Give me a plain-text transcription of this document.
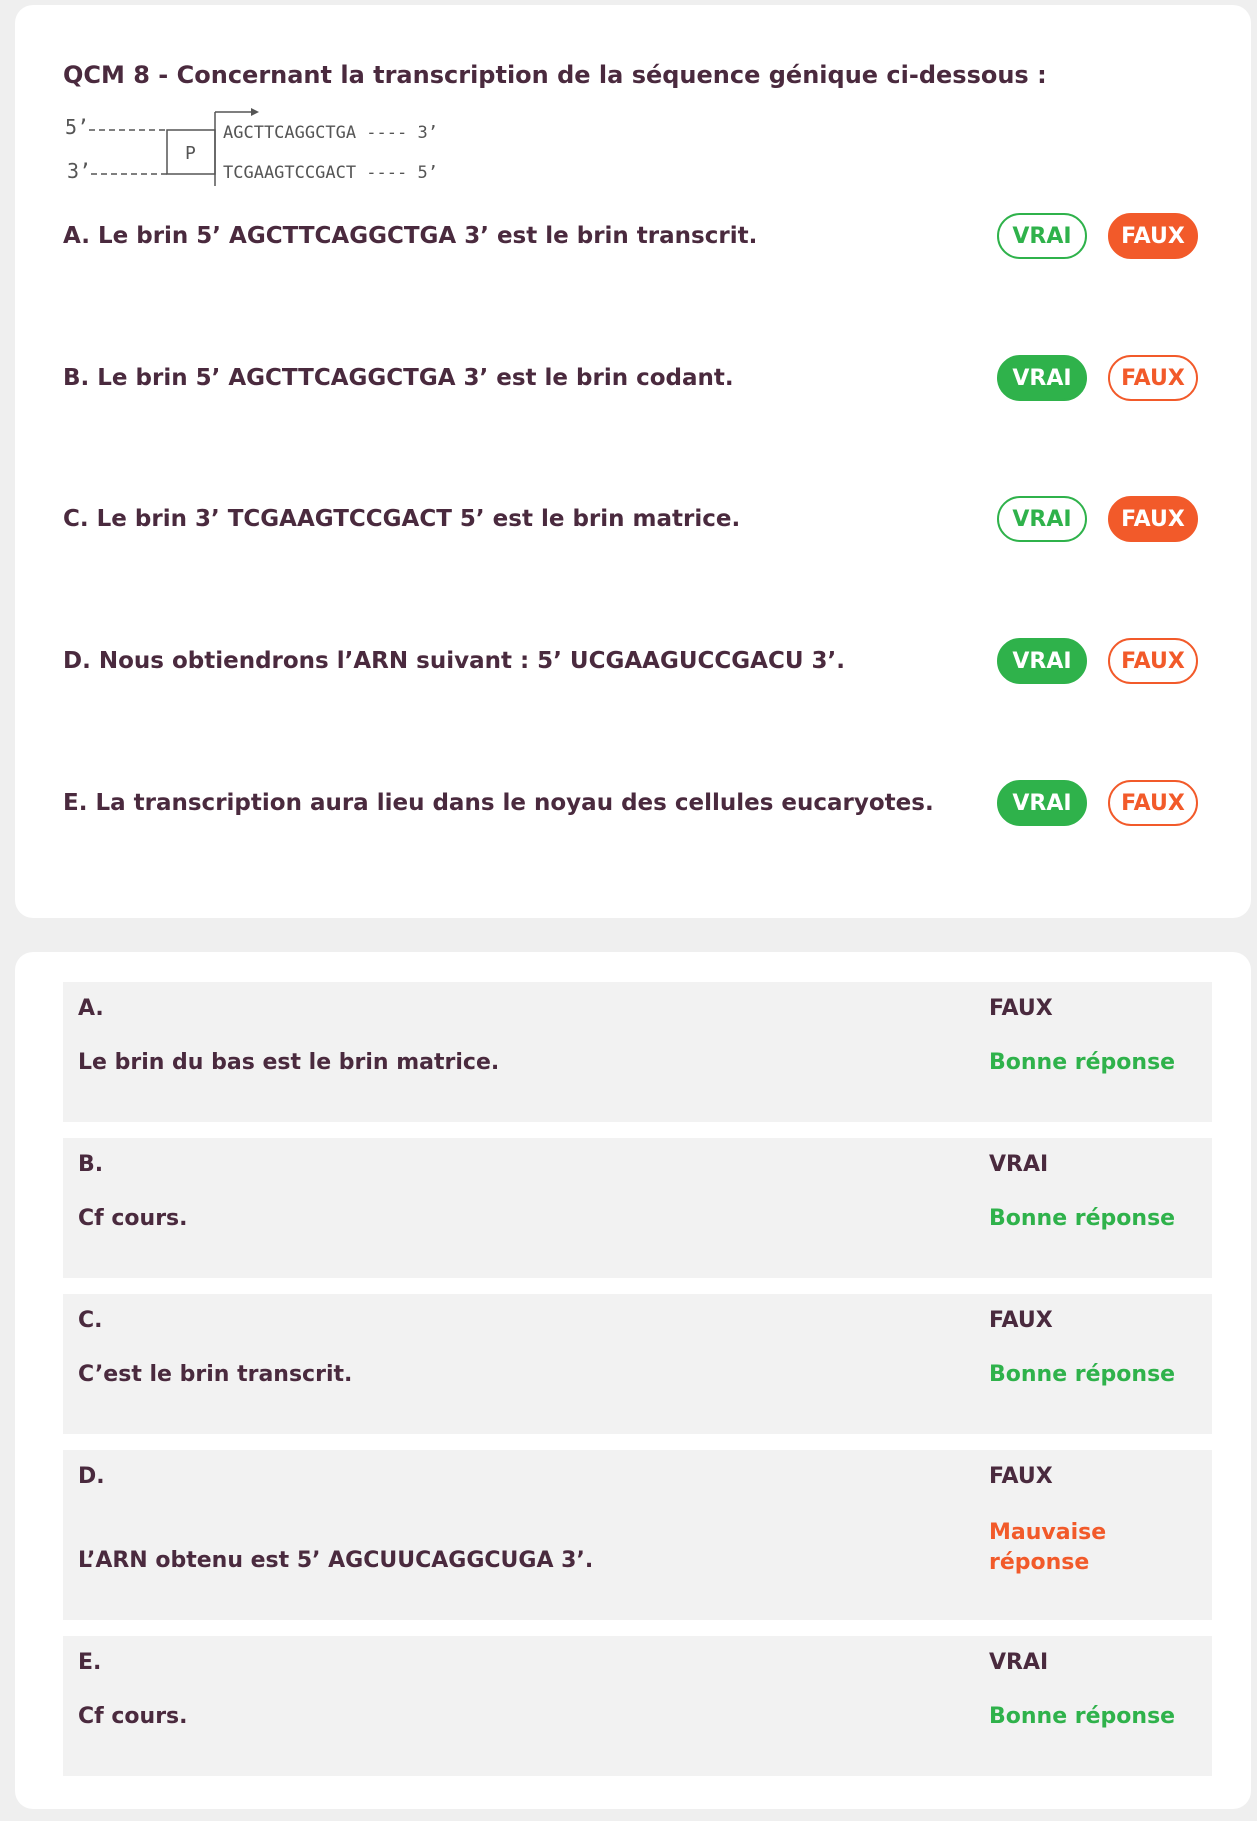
QCM 8 - Concernant la transcription de la séquence génique ci-dessous :
5’
3’
P
AGCTTCAGGCTGA ---- 3’
TCGAAGTCCGACT ---- 5’
A. Le brin 5’ AGCTTCAGGCTGA 3’ est le brin transcrit.	VRAI	FAUX
B. Le brin 5’ AGCTTCAGGCTGA 3’ est le brin codant.	VRAI	FAUX
C. Le brin 3’ TCGAAGTCCGACT 5’ est le brin matrice.	VRAI	FAUX
D. Nous obtiendrons l’ARN suivant : 5’ UCGAAGUCCGACU 3’.	VRAI	FAUX
E. La transcription aura lieu dans le noyau des cellules eucaryotes.	VRAI	FAUX
A.
Le brin du bas est le brin matrice.
FAUX
Bonne réponse
B.
Cf cours.
VRAI
Bonne réponse
C.
C’est le brin transcrit.
FAUX
Bonne réponse
D.
L’ARN obtenu est 5’ AGCUUCAGGCUGA 3’.
FAUX
Mauvaise réponse
E.
Cf cours.
VRAI
Bonne réponse
